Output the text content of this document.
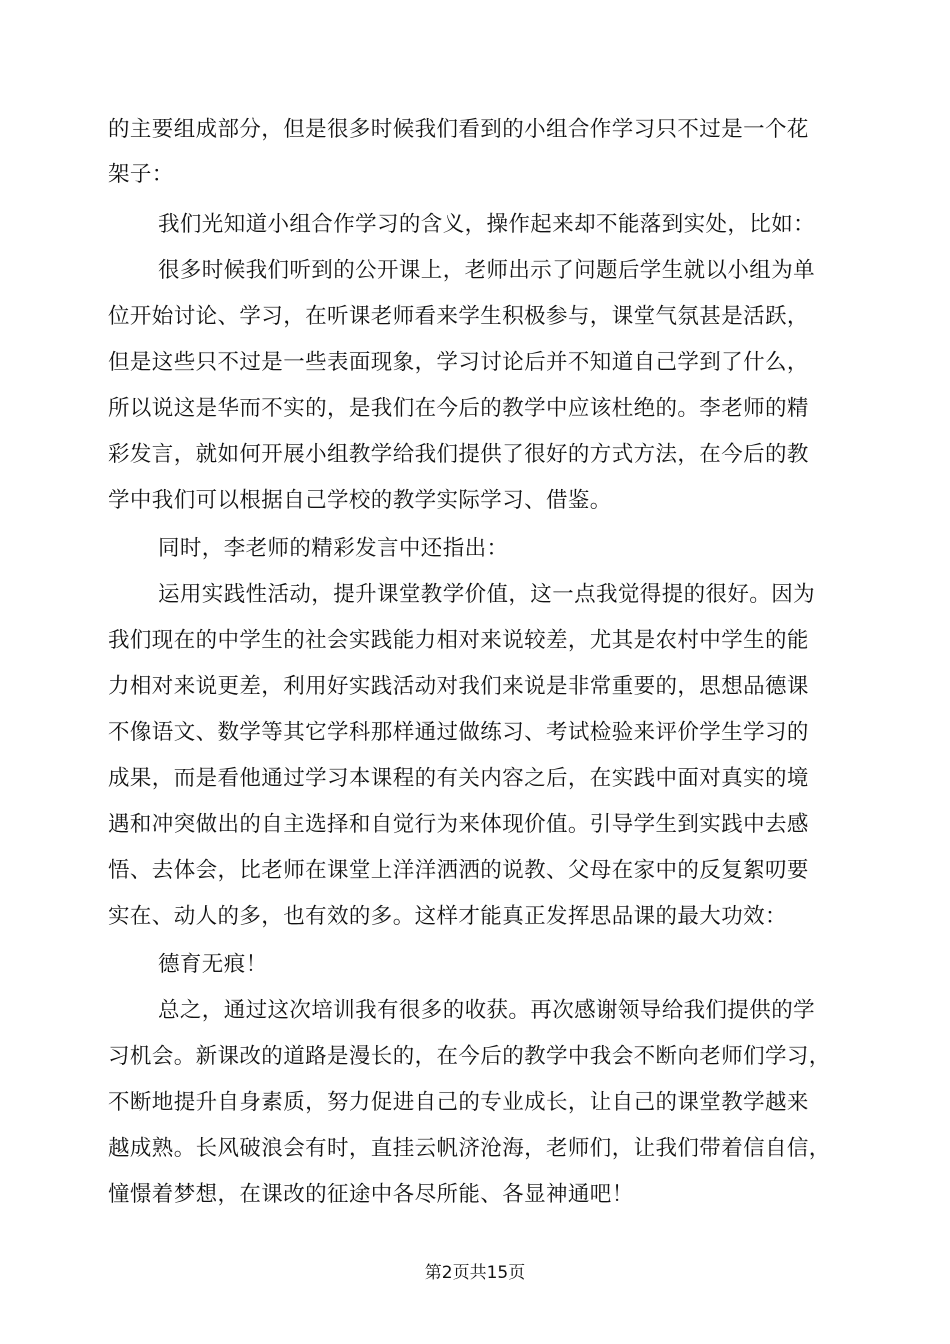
的主要组成部分，但是很多时候我们看到的小组合作学习只不过是一个花
架子：
我们光知道小组合作学习的含义，操作起来却不能落到实处，比如：
很多时候我们听到的公开课上，老师出示了问题后学生就以小组为单
位开始讨论、学习，在听课老师看来学生积极参与，课堂气氛甚是活跃，
但是这些只不过是一些表面现象，学习讨论后并不知道自己学到了什么，
所以说这是华而不实的，是我们在今后的教学中应该杜绝的。李老师的精
彩发言，就如何开展小组教学给我们提供了很好的方式方法，在今后的教
学中我们可以根据自己学校的教学实际学习、借鉴。
同时，李老师的精彩发言中还指出：
运用实践性活动，提升课堂教学价值，这一点我觉得提的很好。因为
我们现在的中学生的社会实践能力相对来说较差，尤其是农村中学生的能
力相对来说更差，利用好实践活动对我们来说是非常重要的，思想品德课
不像语文、数学等其它学科那样通过做练习、考试检验来评价学生学习的
成果，而是看他通过学习本课程的有关内容之后，在实践中面对真实的境
遇和冲突做出的自主选择和自觉行为来体现价值。引导学生到实践中去感
悟、去体会，比老师在课堂上洋洋洒洒的说教、父母在家中的反复絮叨要
实在、动人的多，也有效的多。这样才能真正发挥思品课的最大功效：
德育无痕！
总之，通过这次培训我有很多的收获。再次感谢领导给我们提供的学
习机会。新课改的道路是漫长的，在今后的教学中我会不断向老师们学习，
不断地提升自身素质，努力促进自己的专业成长，让自己的课堂教学越来
越成熟。长风破浪会有时，直挂云帆济沧海，老师们，让我们带着信自信，
憧憬着梦想，在课改的征途中各尽所能、各显神通吧！
第2页共15页
